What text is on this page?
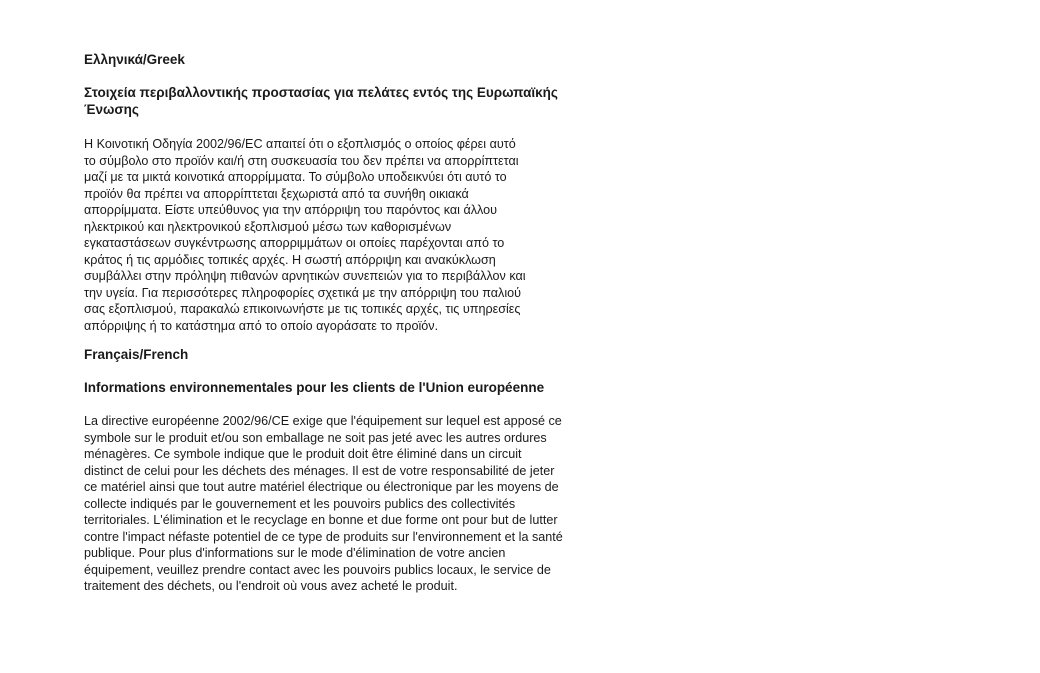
Ελληνικά/Greek
Στοιχεία περιβαλλοντικής προστασίας για πελάτες εντός της Ευρωπαϊκής
Ένωσης

Η Κοινοτική Οδηγία 2002/96/EC απαιτεί ότι ο εξοπλισμός ο οποίος φέρει αυτό
το σύμβολο στο προϊόν και/ή στη συσκευασία του δεν πρέπει να απορρίπτεται
μαζί με τα μικτά κοινοτικά απορρίμματα. Το σύμβολο υποδεικνύει ότι αυτό το
προϊόν θα πρέπει να απορρίπτεται ξεχωριστά από τα συνήθη οικιακά
απορρίμματα. Είστε υπεύθυνος για την απόρριψη του παρόντος και άλλου
ηλεκτρικού και ηλεκτρονικού εξοπλισμού μέσω των καθορισμένων
εγκαταστάσεων συγκέντρωσης απορριμμάτων οι οποίες παρέχονται από το
κράτος ή τις αρμόδιες τοπικές αρχές. Η σωστή απόρριψη και ανακύκλωση
συμβάλλει στην πρόληψη πιθανών αρνητικών συνεπειών για το περιβάλλον και
την υγεία. Για περισσότερες πληροφορίες σχετικά με την απόρριψη του παλιού
σας εξοπλισμού, παρακαλώ επικοινωνήστε με τις τοπικές αρχές, τις υπηρεσίες
απόρριψης ή το κατάστημα από το οποίο αγοράσατε το προϊόν.

Français/French
Informations environnementales pour les clients de l'Union européenne

La directive européenne 2002/96/CE exige que l'équipement sur lequel est apposé ce
symbole sur le produit et/ou son emballage ne soit pas jeté avec les autres ordures
ménagères. Ce symbole indique que le produit doit être éliminé dans un circuit
distinct de celui pour les déchets des ménages. Il est de votre responsabilité de jeter
ce matériel ainsi que tout autre matériel électrique ou électronique par les moyens de
collecte indiqués par le gouvernement et les pouvoirs publics des collectivités
territoriales. L'élimination et le recyclage en bonne et due forme ont pour but de lutter
contre l'impact néfaste potentiel de ce type de produits sur l'environnement et la santé
publique. Pour plus d'informations sur le mode d'élimination de votre ancien
équipement, veuillez prendre contact avec les pouvoirs publics locaux, le service de
traitement des déchets, ou l'endroit où vous avez acheté le produit.
